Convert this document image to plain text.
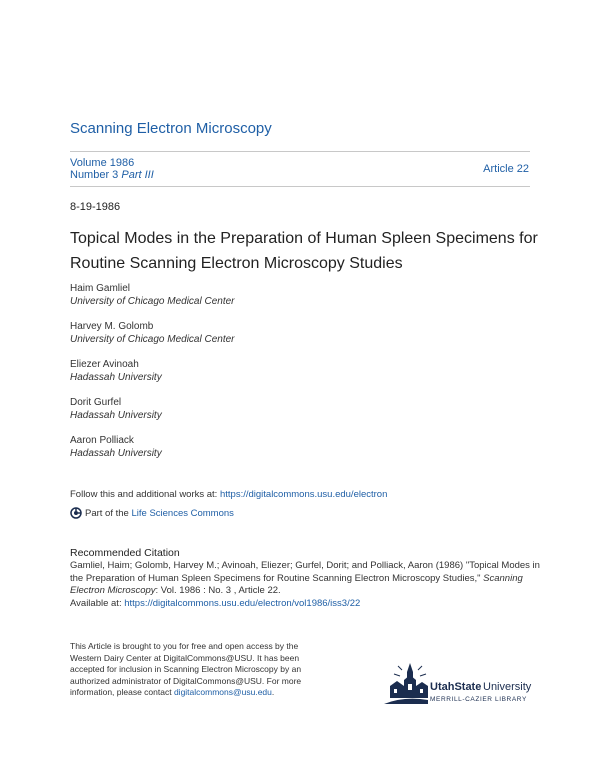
Scanning Electron Microscopy
Volume 1986
Number 3 Part III	Article 22
8-19-1986
Topical Modes in the Preparation of Human Spleen Specimens for Routine Scanning Electron Microscopy Studies
Haim Gamliel
University of Chicago Medical Center
Harvey M. Golomb
University of Chicago Medical Center
Eliezer Avinoah
Hadassah University
Dorit Gurfel
Hadassah University
Aaron Polliack
Hadassah University
Follow this and additional works at: https://digitalcommons.usu.edu/electron
Part of the
Life Sciences Commons
Recommended Citation
Gamliel, Haim; Golomb, Harvey M.; Avinoah, Eliezer; Gurfel, Dorit; and Polliack, Aaron (1986) "Topical Modes in the Preparation of Human Spleen Specimens for Routine Scanning Electron Microscopy Studies," Scanning Electron Microscopy: Vol. 1986 : No. 3 , Article 22.
Available at: https://digitalcommons.usu.edu/electron/vol1986/iss3/22
This Article is brought to you for free and open access by the Western Dairy Center at DigitalCommons@USU. It has been accepted for inclusion in Scanning Electron Microscopy by an authorized administrator of DigitalCommons@USU. For more information, please contact digitalcommons@usu.edu.	UtahState University
MERRILL-CAZIER LIBRARY
